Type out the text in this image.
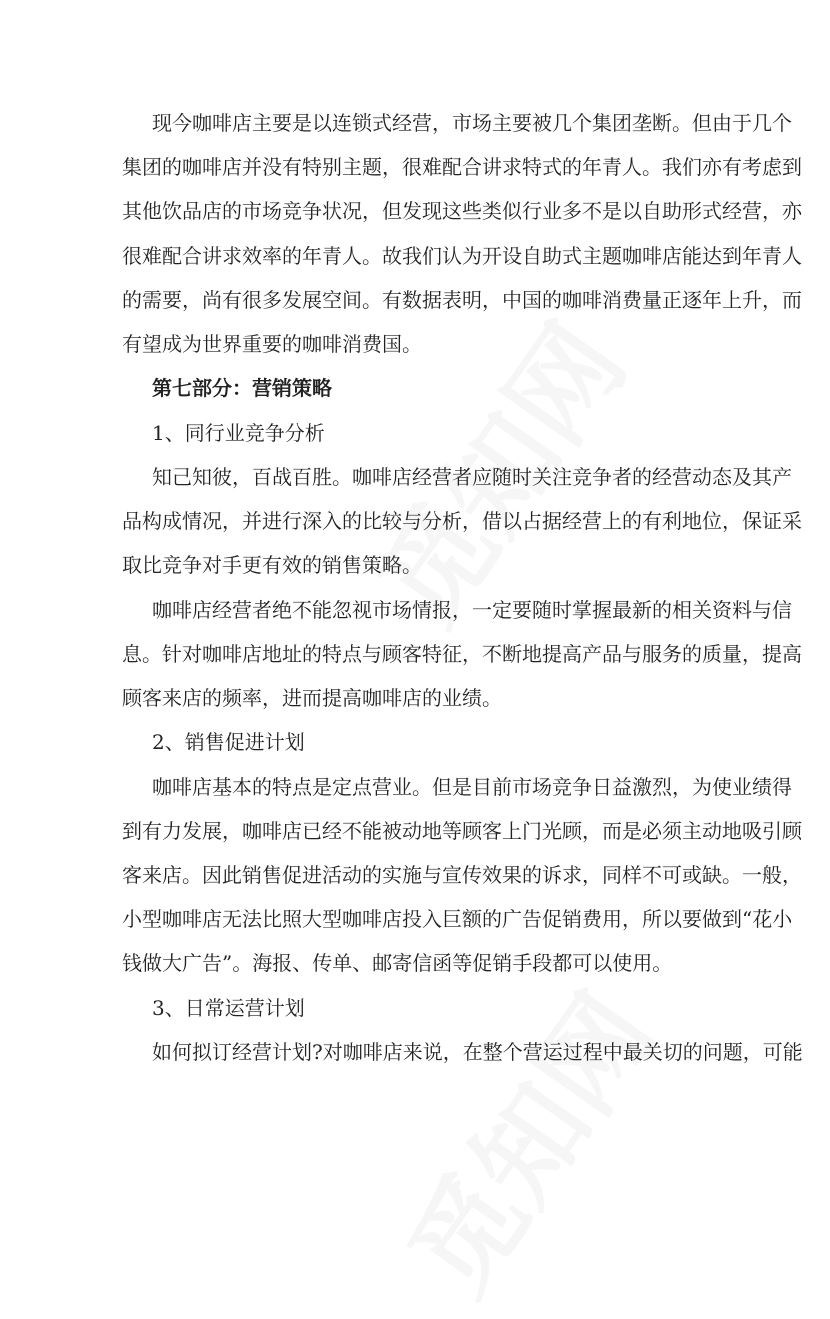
现今咖啡店主要是以连锁式经营，市场主要被几个集团垄断。但由于几个
集团的咖啡店并没有特别主题，很难配合讲求特式的年青人。我们亦有考虑到
其他饮品店的市场竞争状况，但发现这些类似行业多不是以自助形式经营，亦
很难配合讲求效率的年青人。故我们认为开设自助式主题咖啡店能达到年青人
的需要，尚有很多发展空间。有数据表明，中国的咖啡消费量正逐年上升，而
有望成为世界重要的咖啡消费国。
第七部分：营销策略
1、同行业竞争分析
知己知彼，百战百胜。咖啡店经营者应随时关注竞争者的经营动态及其产
品构成情况，并进行深入的比较与分析，借以占据经营上的有利地位，保证采
取比竞争对手更有效的销售策略。
咖啡店经营者绝不能忽视市场情报，一定要随时掌握最新的相关资料与信
息。针对咖啡店地址的特点与顾客特征，不断地提高产品与服务的质量，提高
顾客来店的频率，进而提高咖啡店的业绩。
2、销售促进计划
咖啡店基本的特点是定点营业。但是目前市场竞争日益激烈，为使业绩得
到有力发展，咖啡店已经不能被动地等顾客上门光顾，而是必须主动地吸引顾
客来店。因此销售促进活动的实施与宣传效果的诉求，同样不可或缺。一般，
小型咖啡店无法比照大型咖啡店投入巨额的广告促销费用，所以要做到“花小
钱做大广告”。海报、传单、邮寄信函等促销手段都可以使用。
3、日常运营计划
如何拟订经营计划?对咖啡店来说，在整个营运过程中最关切的问题，可能
